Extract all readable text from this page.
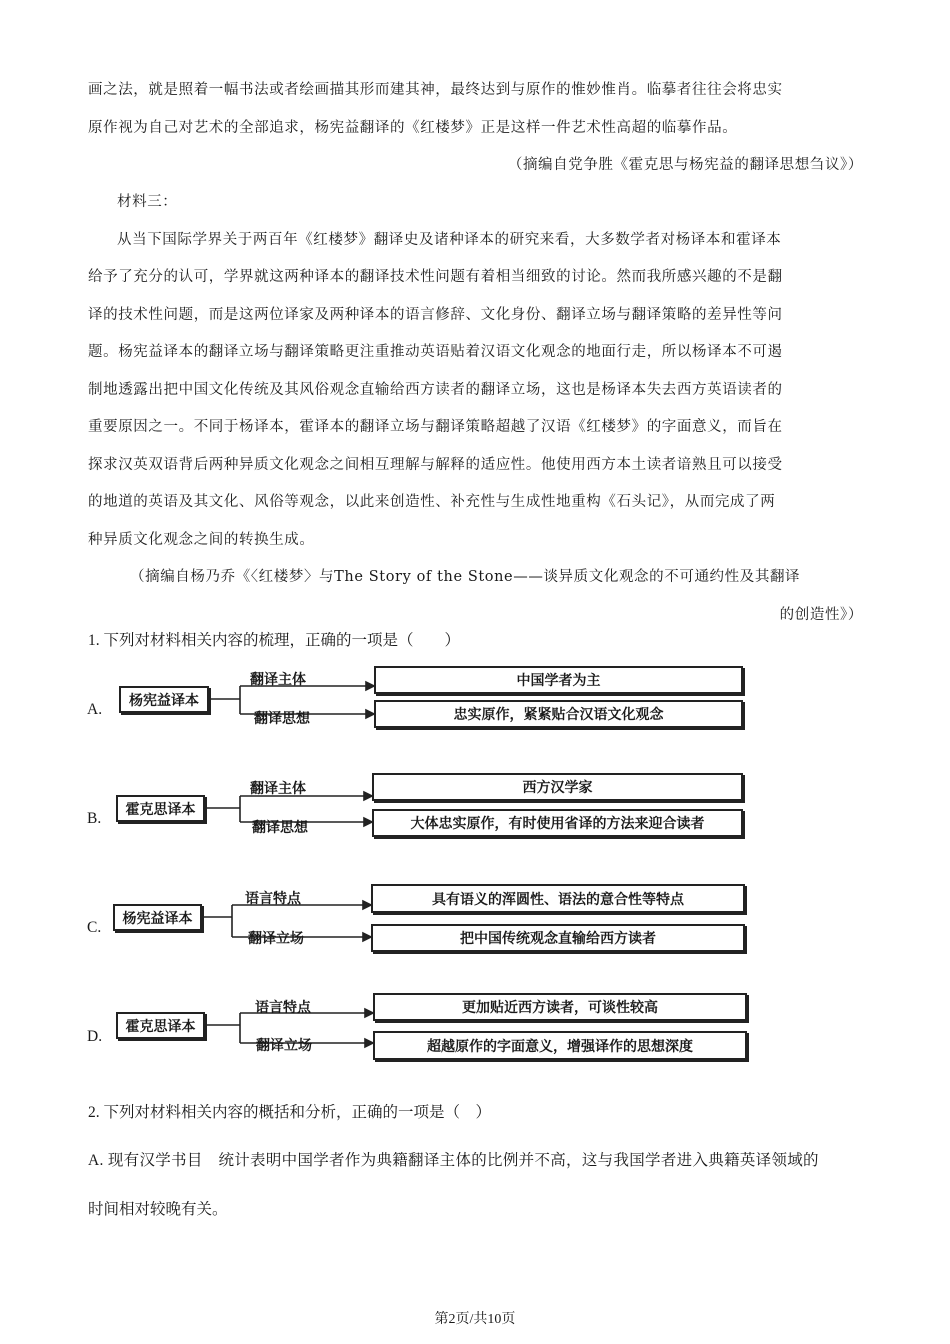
画之法，就是照着一幅书法或者绘画描其形而建其神，最终达到与原作的惟妙惟肖。临摹者往往会将忠实
原作视为自己对艺术的全部追求，杨宪益翻译的《红楼梦》正是这样一件艺术性高超的临摹作品。
（摘编自党争胜《霍克思与杨宪益的翻译思想刍议》）
材料三：
从当下国际学界关于两百年《红楼梦》翻译史及诸种译本的研究来看，大多数学者对杨译本和霍译本
给予了充分的认可，学界就这两种译本的翻译技术性问题有着相当细致的讨论。然而我所感兴趣的不是翻
译的技术性问题，而是这两位译家及两种译本的语言修辞、文化身份、翻译立场与翻译策略的差异性等问
题。杨宪益译本的翻译立场与翻译策略更注重推动英语贴着汉语文化观念的地面行走，所以杨译本不可遏
制地透露出把中国文化传统及其风俗观念直输给西方读者的翻译立场，这也是杨译本失去西方英语读者的
重要原因之一。不同于杨译本，霍译本的翻译立场与翻译策略超越了汉语《红楼梦》的字面意义，而旨在
探求汉英双语背后两种异质文化观念之间相互理解与解释的适应性。他使用西方本土读者谙熟且可以接受
的地道的英语及其文化、风俗等观念，以此来创造性、补充性与生成性地重构《石头记》，从而完成了两
种异质文化观念之间的转换生成。
（摘编自杨乃乔《〈红楼梦〉与The Story of the Stone——谈异质文化观念的不可通约性及其翻译
的创造性》）

1. 下列对材料相关内容的梳理，正确的一项是（　　）

A.
杨宪益译本
翻译主体	中国学者为主
翻译思想	忠实原作，紧紧贴合汉语文化观念
B.
霍克思译本
翻译主体	西方汉学家
翻译思想	大体忠实原作，有时使用省译的方法来迎合读者
C.
杨宪益译本
语言特点	具有语义的浑圆性、语法的意合性等特点
翻译立场	把中国传统观念直输给西方读者
D.
霍克思译本
语言特点	更加贴近西方读者，可谈性较高
翻译立场	超越原作的字面意义，增强译作的思想深度

2. 下列对材料相关内容的概括和分析，正确的一项是（　）

A. 现有汉学书目　统计表明中国学者作为典籍翻译主体的比例并不高，这与我国学者进入典籍英译领域的

时间相对较晚有关。

第2页/共10页
